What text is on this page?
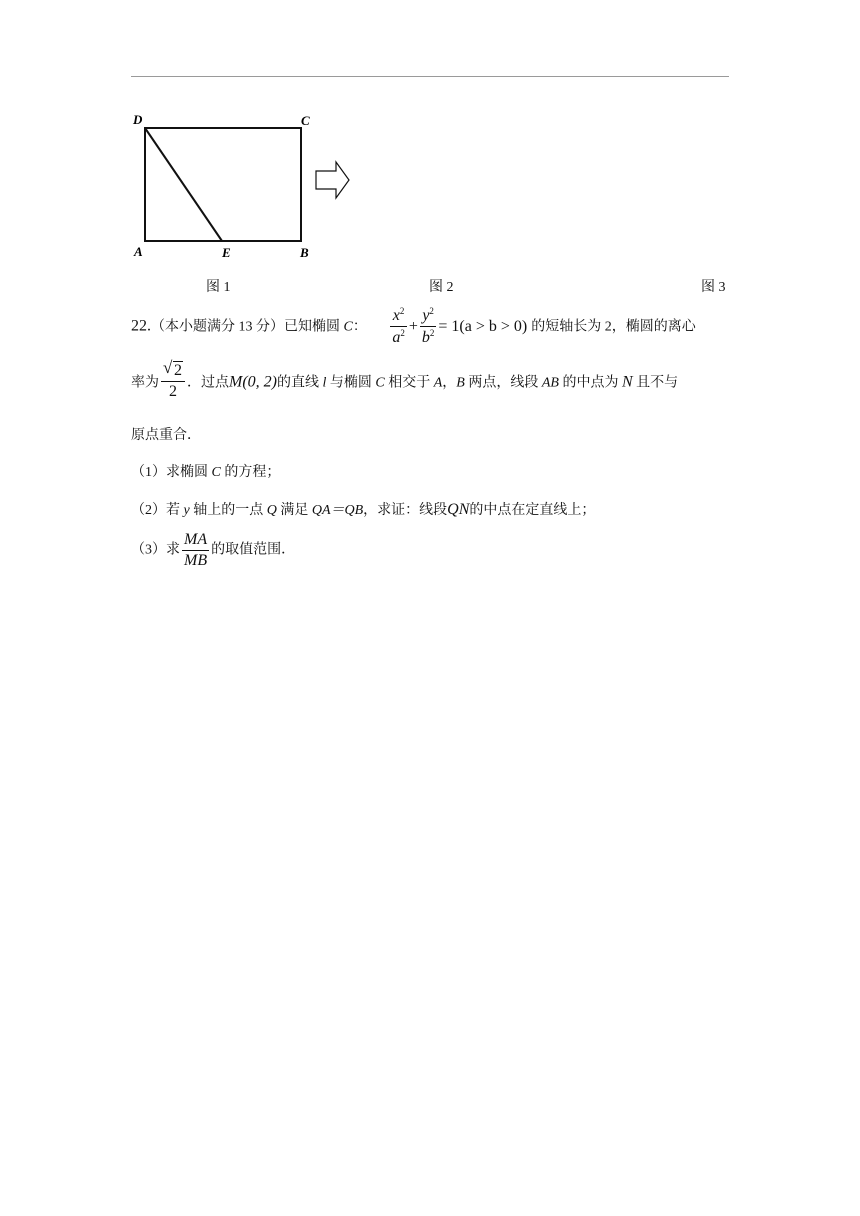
D	C
A	E	B
图 1	图 2	图 3
22.（本小题满分 13 分）已知椭圆 C： $\frac{x^2}{a^2} + \frac{y^2}{b^2} = 1(a > b > 0)$ 的短轴长为 2，椭圆的离心
率为 $\frac{√ 2}{2}$ ．过点M(0, 2)的直线 l 与椭圆 C 相交于 A，B 两点，线段 AB 的中点为 N 且不与
原点重合．
（1）求椭圆 C 的方程；
（2）若 y 轴上的一点 Q 满足 QA＝QB，求证：线段QN的中点在定直线上；
（3）求 $\frac{MA}{MB}$ 的取值范围．
